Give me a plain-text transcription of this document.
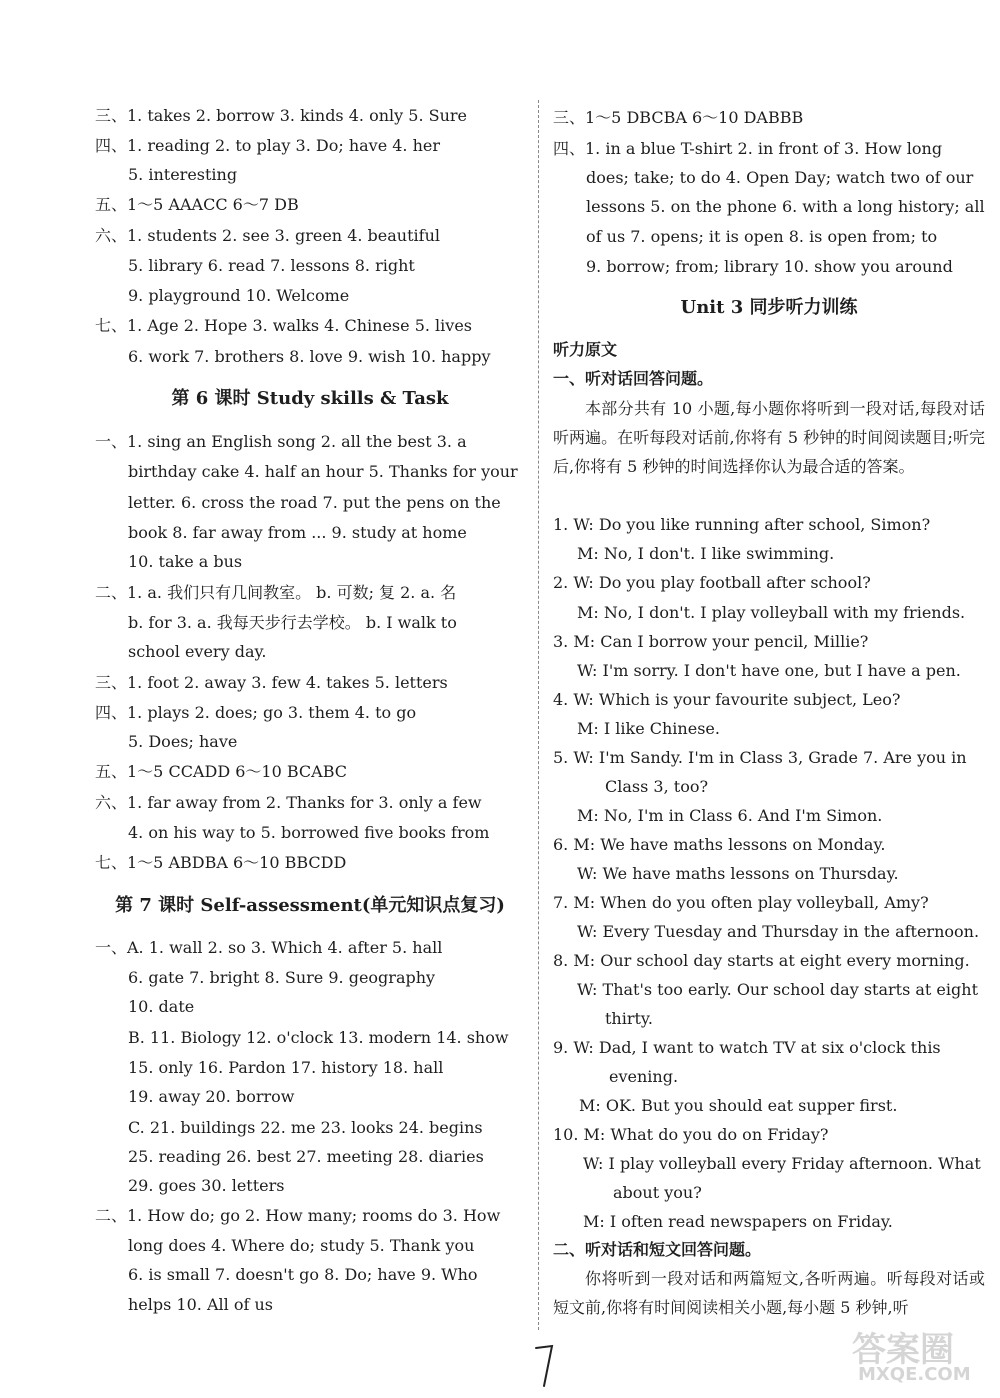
三、1. takes 2. borrow 3. kinds 4. only 5. Sure
四、1. reading 2. to play 3. Do; have 4. her
5. interesting
五、1～5 AAACC 6～7 DB
六、1. students 2. see 3. green 4. beautiful
5. library 6. read 7. lessons 8. right
9. playground 10. Welcome
七、1. Age 2. Hope 3. walks 4. Chinese 5. lives
6. work 7. brothers 8. love 9. wish 10. happy
第 6 课时 Study skills & Task
一、1. sing an English song 2. all the best 3. a
birthday cake 4. half an hour 5. Thanks for your
letter. 6. cross the road 7. put the pens on the
book 8. far away from ... 9. study at home
10. take a bus
二、1. a. 我们只有几间教室。 b. 可数; 复 2. a. 名
b. for 3. a. 我每天步行去学校。 b. I walk to
school every day.
三、1. foot 2. away 3. few 4. takes 5. letters
四、1. plays 2. does; go 3. them 4. to go
5. Does; have
五、1～5 CCADD 6～10 BCABC
六、1. far away from 2. Thanks for 3. only a few
4. on his way to 5. borrowed five books from
七、1～5 ABDBA 6～10 BBCDD
第 7 课时 Self-assessment(单元知识点复习)
一、A. 1. wall 2. so 3. Which 4. after 5. hall
6. gate 7. bright 8. Sure 9. geography
10. date
B. 11. Biology 12. o'clock 13. modern 14. show
15. only 16. Pardon 17. history 18. hall
19. away 20. borrow
C. 21. buildings 22. me 23. looks 24. begins
25. reading 26. best 27. meeting 28. diaries
29. goes 30. letters
二、1. How do; go 2. How many; rooms do 3. How
long does 4. Where do; study 5. Thank you
6. is small 7. doesn't go 8. Do; have 9. Who
helps 10. All of us
三、1～5 DBCBA 6～10 DABBB
四、1. in a blue T-shirt 2. in front of 3. How long
does; take; to do 4. Open Day; watch two of our
lessons 5. on the phone 6. with a long history; all
of us 7. opens; it is open 8. is open from; to
9. borrow; from; library 10. show you around
Unit 3 同步听力训练
听力原文
一、听对话回答问题。
本部分共有 10 小题,每小题你将听到一段对话,每段对话听两遍。在听每段对话前,你将有 5 秒钟的时间阅读题目;听完后,你将有 5 秒钟的时间选择你认为最合适的答案。
1. W: Do you like running after school, Simon?
M: No, I don't. I like swimming.
2. W: Do you play football after school?
M: No, I don't. I play volleyball with my friends.
3. M: Can I borrow your pencil, Millie?
W: I'm sorry. I don't have one, but I have a pen.
4. W: Which is your favourite subject, Leo?
M: I like Chinese.
5. W: I'm Sandy. I'm in Class 3, Grade 7. Are you in
Class 3, too?
M: No, I'm in Class 6. And I'm Simon.
6. M: We have maths lessons on Monday.
W: We have maths lessons on Thursday.
7. M: When do you often play volleyball, Amy?
W: Every Tuesday and Thursday in the afternoon.
8. M: Our school day starts at eight every morning.
W: That's too early. Our school day starts at eight
thirty.
9. W: Dad, I want to watch TV at six o'clock this
evening.
M: OK. But you should eat supper first.
10. M: What do you do on Friday?
W: I play volleyball every Friday afternoon. What
about you?
M: I often read newspapers on Friday.
二、听对话和短文回答问题。
你将听到一段对话和两篇短文,各听两遍。听每段对话或短文前,你将有时间阅读相关小题,每小题 5 秒钟,听
答案圈
MXQE.COM
